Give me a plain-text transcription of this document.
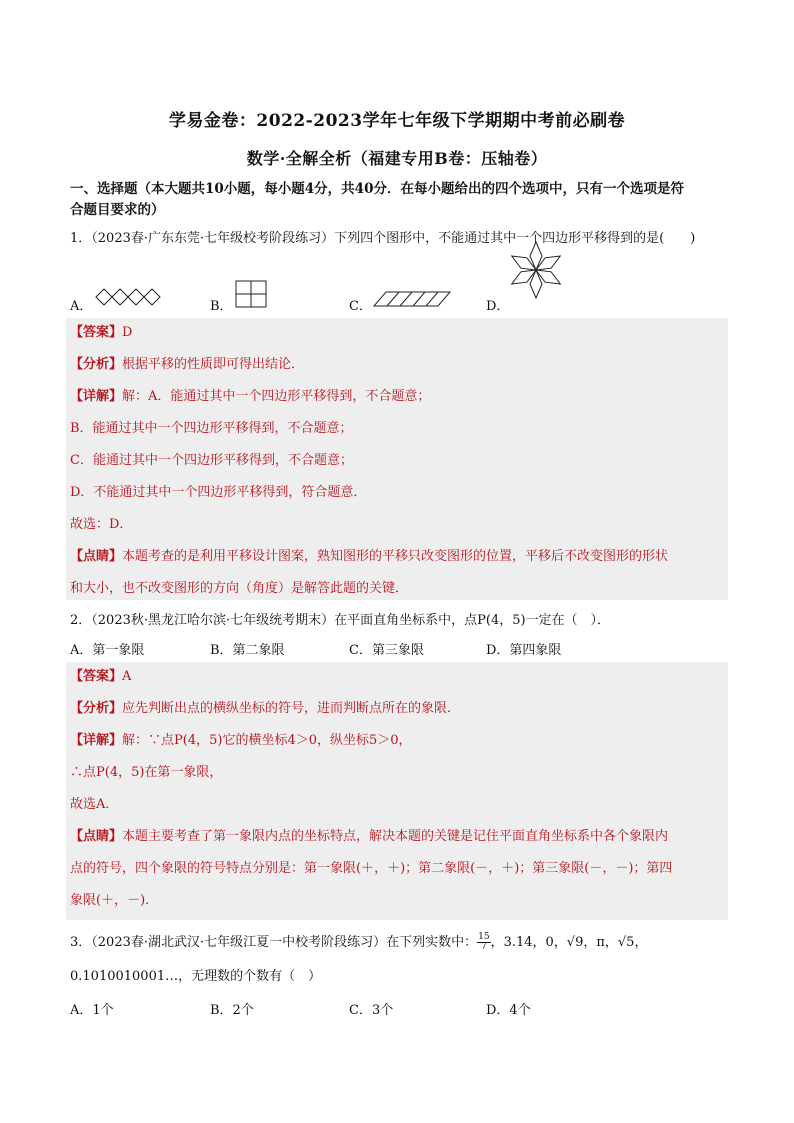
学易金卷：2022-2023学年七年级下学期期中考前必刷卷
数学·全解全析（福建专用B卷：压轴卷）
一、选择题（本大题共10小题，每小题4分，共40分．在每小题给出的四个选项中，只有一个选项是符
合题目要求的）
1．（2023春·广东东莞·七年级校考阶段练习）下列四个图形中，不能通过其中一个四边形平移得到的是(　　)
A．	B．	C．	D．
【答案】D
【分析】根据平移的性质即可得出结论．
【详解】解：A．能通过其中一个四边形平移得到，不合题意；
B．能通过其中一个四边形平移得到，不合题意；
C．能通过其中一个四边形平移得到，不合题意；
D．不能通过其中一个四边形平移得到，符合题意．
故选：D．
【点睛】本题考查的是利用平移设计图案，熟知图形的平移只改变图形的位置，平移后不改变图形的形状
和大小，也不改变图形的方向（角度）是解答此题的关键．
2．（2023秋·黑龙江哈尔滨·七年级统考期末）在平面直角坐标系中，点P(4，5)一定在（　）．
A．第一象限	B．第二象限	C．第三象限	D．第四象限
【答案】A
【分析】应先判断出点的横纵坐标的符号，进而判断点所在的象限．
【详解】解：∵点P(4，5)它的横坐标4＞0，纵坐标5＞0，
∴点P(4，5)在第一象限，
故选A．
【点睛】本题主要考查了第一象限内点的坐标特点，解决本题的关键是记住平面直角坐标系中各个象限内
点的符号，四个象限的符号特点分别是：第一象限(＋，＋)；第二象限(－，＋)；第三象限(－，－)；第四
象限(＋，－)．
3．（2023春·湖北武汉·七年级江夏一中校考阶段练习）在下列实数中： $\frac{15}{7}$ ，3.14，0，√9，π，√5，
0.1010010001…，无理数的个数有（　）
A．1个	B．2个	C．3个	D．4个
